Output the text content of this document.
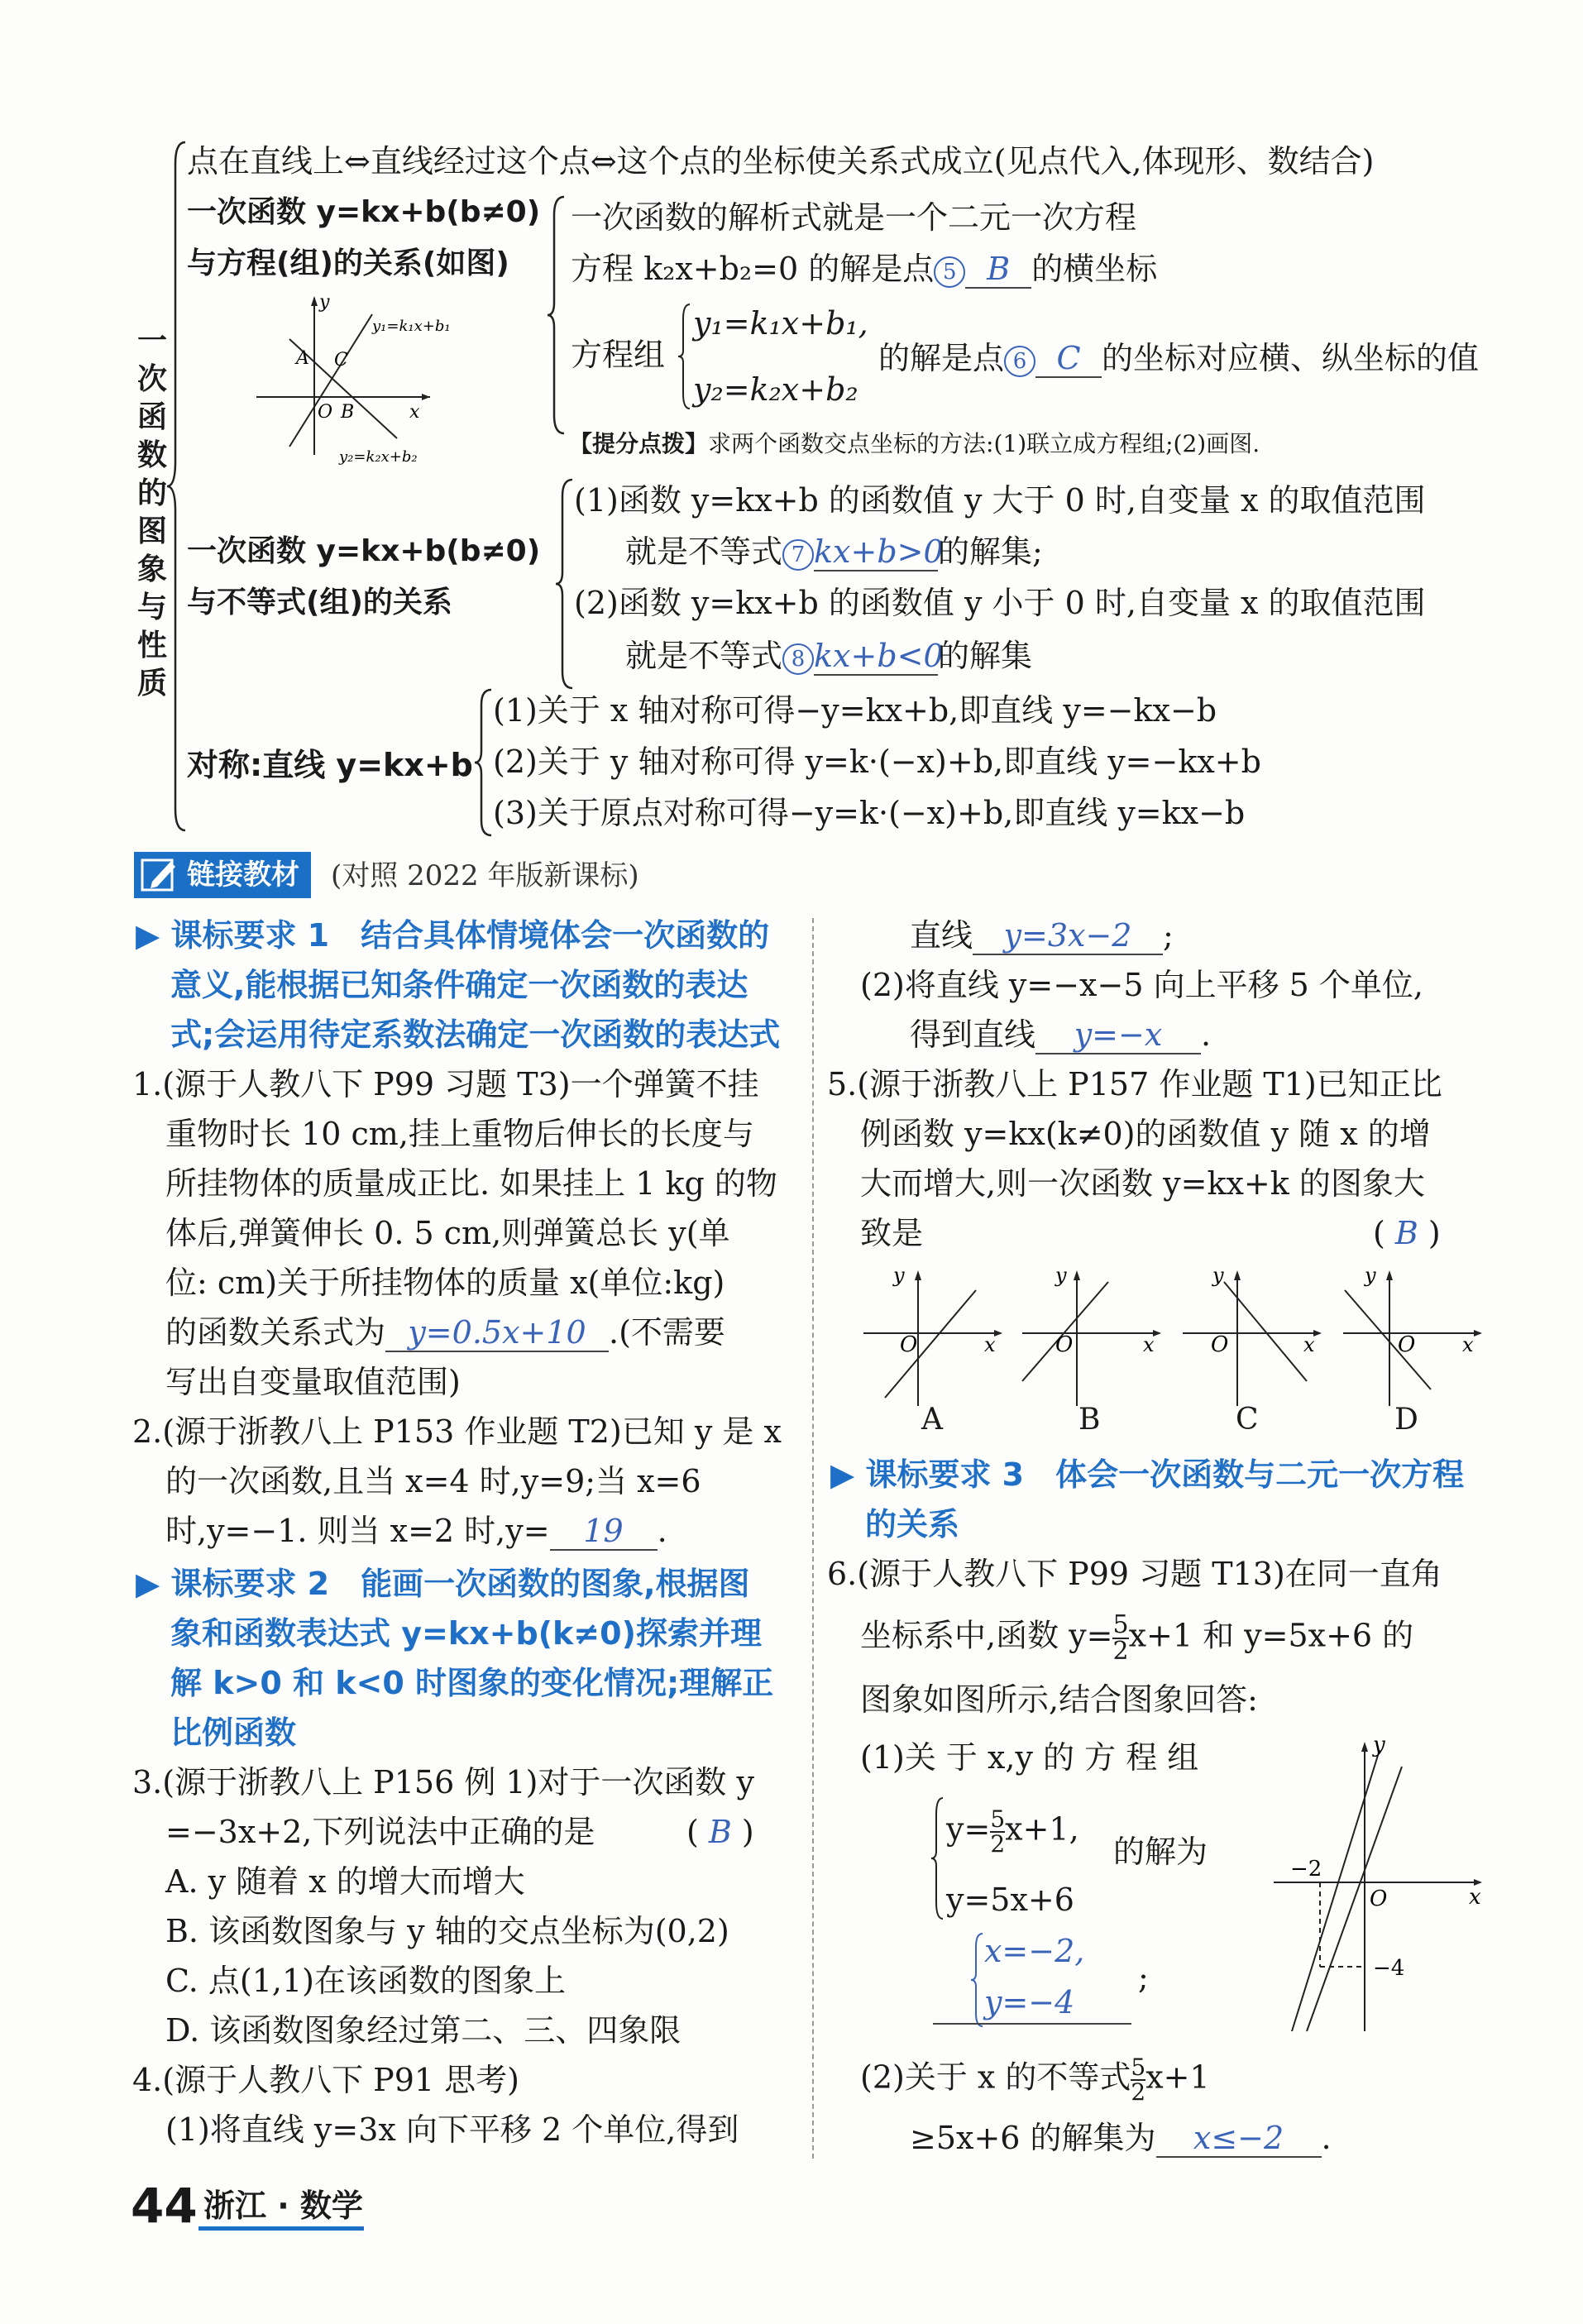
一
次
函
数
的
图
象
与
性
质
点在直线上⇔直线经过这个点⇔这个点的坐标使关系式成立(见点代入,体现形、数结合)
一次函数 y=kx+b(b≠0)
与方程(组)的关系(如图)
y
x
O B
A C
y₁=k₁x+b₁
y₂=k₂x+b₂
一次函数的解析式就是一个二元一次方程
方程 k₂x+b₂=0 的解是点 5 B 的横坐标
方程组
y₁=k₁x+b₁,
y₂=k₂x+b₂
的解是点 6 C 的坐标对应横、纵坐标的值
【提分点拨】求两个函数交点坐标的方法:(1)联立成方程组;(2)画图.
一次函数 y=kx+b(b≠0)
与不等式(组)的关系
(1)函数 y=kx+b 的函数值 y 大于 0 时,自变量 x 的取值范围
就是不等式 7 kx+b>0的解集;
(2)函数 y=kx+b 的函数值 y 小于 0 时,自变量 x 的取值范围
就是不等式 8 kx+b<0的解集
对称:直线 y=kx+b
(1)关于 x 轴对称可得−y=kx+b,即直线 y=−kx−b
(2)关于 y 轴对称可得 y=k·(−x)+b,即直线 y=−kx+b
(3)关于原点对称可得−y=k·(−x)+b,即直线 y=kx−b
链接教材	(对照 2022 年版新课标)
▶ 课标要求 1　结合具体情境体会一次函数的
意义,能根据已知条件确定一次函数的表达
式;会运用待定系数法确定一次函数的表达式
1.(源于人教八下 P99 习题 T3)一个弹簧不挂
重物时长 10 cm,挂上重物后伸长的长度与
所挂物体的质量成正比. 如果挂上 1 kg 的物
体后,弹簧伸长 0. 5 cm,则弹簧总长 y(单
位: cm)关于所挂物体的质量 x(单位:kg)
的函数关系式为 y=0.5x+10 .(不需要
写出自变量取值范围)
2.(源于浙教八上 P153 作业题 T2)已知 y 是 x
的一次函数,且当 x=4 时,y=9;当 x=6
时,y=−1. 则当 x=2 时,y= 19 .
▶ 课标要求 2　能画一次函数的图象,根据图
象和函数表达式 y=kx+b(k≠0)探索并理
解 k>0 和 k<0 时图象的变化情况;理解正
比例函数
3.(源于浙教八上 P156 例 1)对于一次函数 y
=−3x+2,下列说法中正确的是	( B )
A. y 随着 x 的增大而增大
B. 该函数图象与 y 轴的交点坐标为(0,2)
C. 点(1,1)在该函数的图象上
D. 该函数图象经过第二、三、四象限
4.(源于人教八下 P91 思考)
(1)将直线 y=3x 向下平移 2 个单位,得到
直线 y=3x−2 ;
(2)将直线 y=−x−5 向上平移 5 个单位,
得到直线 y=−x .
5.(源于浙教八上 P157 作业题 T1)已知正比
例函数 y=kx(k≠0)的函数值 y 随 x 的增
大而增大,则一次函数 y=kx+k 的图象大
致是	( B )
O	x
y
O	x
y
O	x
y
O x
y
A	B	C	D
▶ 课标要求 3　体会一次函数与二元一次方程
的关系
6.(源于人教八下 P99 习题 T13)在同一直角
坐标系中,函数 $y= \frac{5}{2} x+1$ 和 y=5x+6 的
图象如图所示,结合图象回答:
(1)关 于 x,y 的 方 程 组
$y= \frac{5}{2} x+1$,
的解为
y=5x+6
x=−2,
y=−4
;
y
x
O
−2
−4
(2)关于 x 的不等式 $\frac{5}{2} x+1$
≥5x+6 的解集为 x≤−2 .
44 浙江 · 数学
